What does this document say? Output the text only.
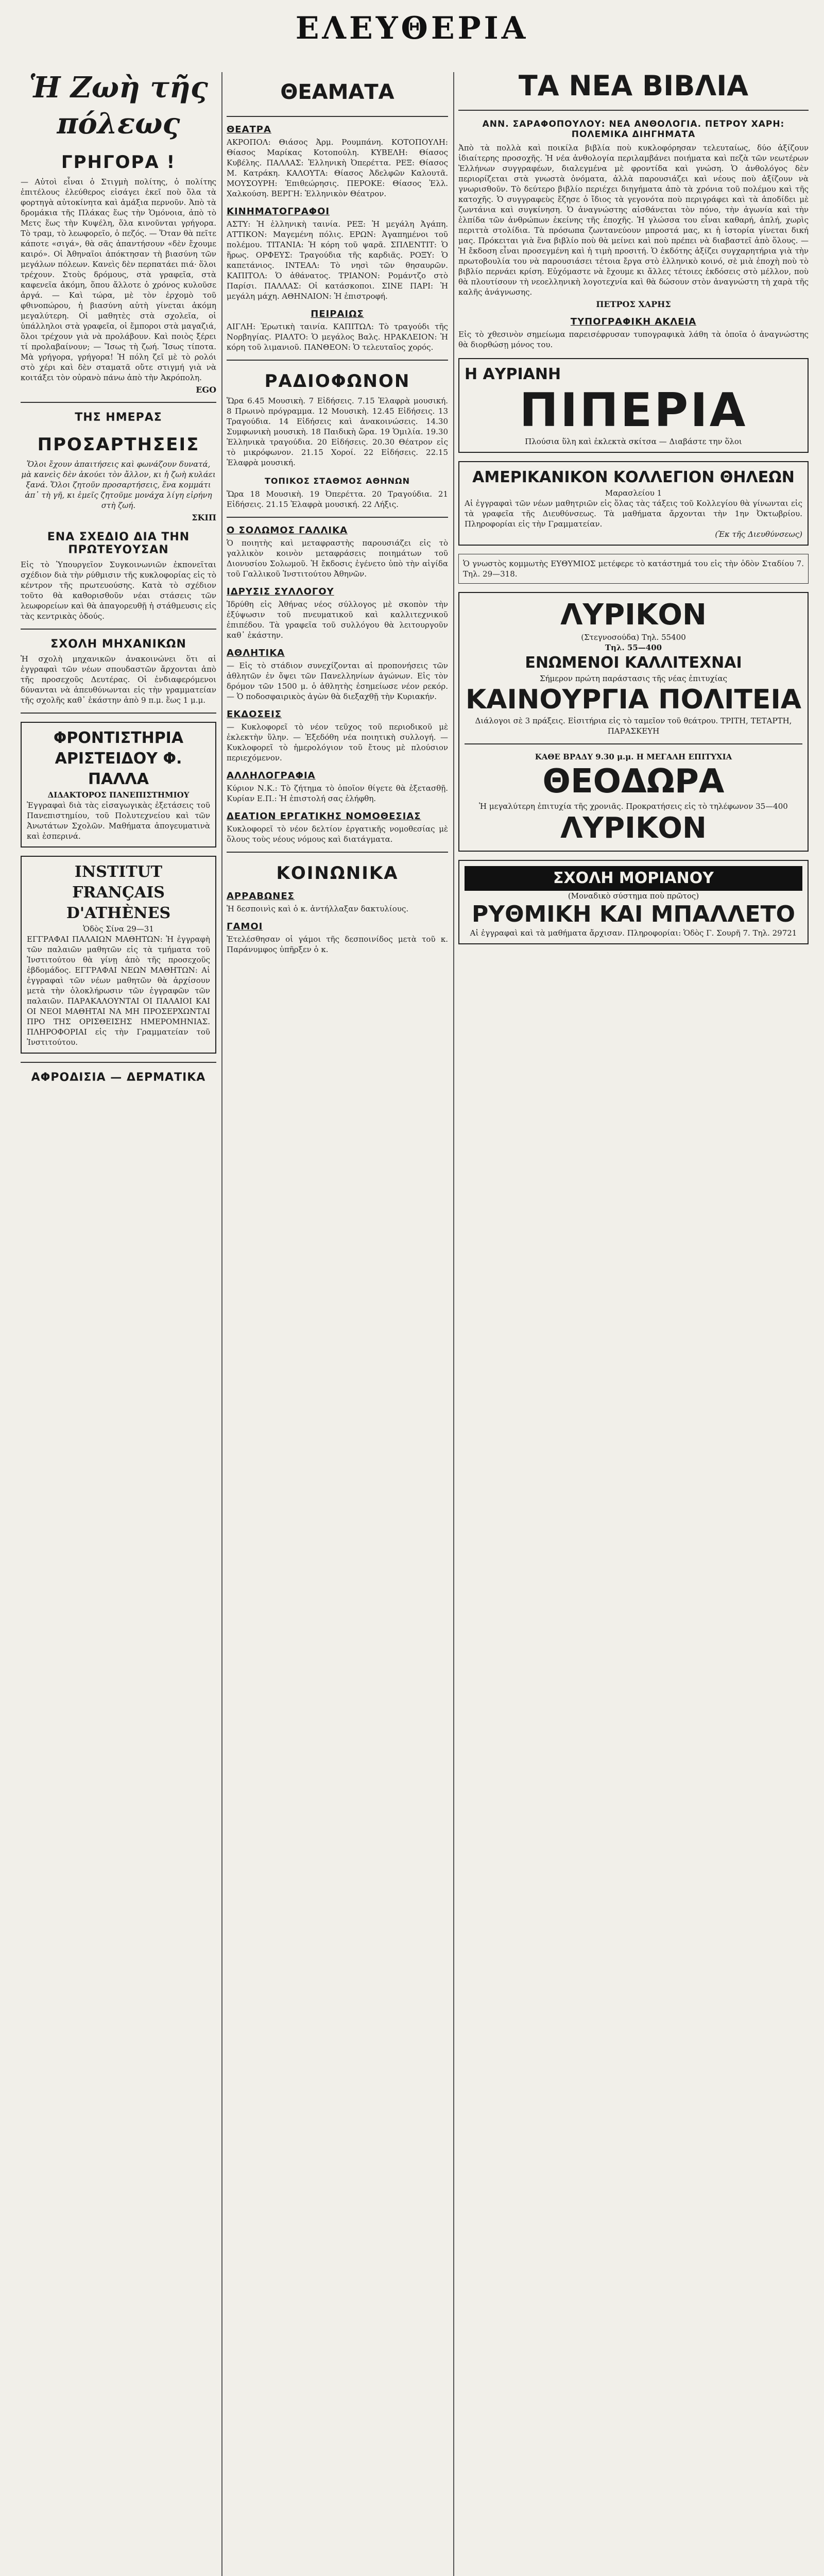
ΕΛΕΥΘΕΡΙΑ
Ἡ Ζωὴ τῆς πόλεως
ΓΡΗΓΟΡΑ !

— Αὐτοὶ εἶναι ὁ Στιγμὴ πολίτης, ὁ πολίτης ἐπιτέλους ἐλεύθερος εἰσάγει ἐκεῖ ποὺ ὅλα τὰ φορτηγὰ αὐτοκίνητα καὶ ἁμάξια περνοῦν. Ἀπὸ τὰ δρομάκια τῆς Πλάκας ἕως τὴν Ὁμόνοια, ἀπὸ τὸ Μετς ἕως τὴν Κυψέλη, ὅλα κινοῦνται γρήγορα. Τὸ τραμ, τὸ λεωφορεῖο, ὁ πεζός. — Ὅταν θὰ πεῖτε κάποτε «σιγά», θὰ σᾶς ἀπαντήσουν «δὲν ἔχουμε καιρό». Οἱ Ἀθηναῖοι ἀπόκτησαν τὴ βιασύνη τῶν μεγάλων πόλεων. Κανεὶς δὲν περπατάει πιά· ὅλοι τρέχουν. Στοὺς δρόμους, στὰ γραφεῖα, στὰ καφενεῖα ἀκόμη, ὅπου ἄλλοτε ὁ χρόνος κυλοῦσε ἀργά. — Καὶ τώρα, μὲ τὸν ἐρχομὸ τοῦ φθινοπώρου, ἡ βιασύνη αὐτὴ γίνεται ἀκόμη μεγαλύτερη. Οἱ μαθητὲς στὰ σχολεῖα, οἱ ὑπάλληλοι στὰ γραφεῖα, οἱ ἔμποροι στὰ μαγαζιά, ὅλοι τρέχουν γιὰ νὰ προλάβουν. Καὶ ποιὸς ξέρει τί προλαβαίνουν; — Ἴσως τὴ ζωή. Ἴσως τίποτα. Μὰ γρήγορα, γρήγορα! Ἡ πόλη ζεῖ μὲ τὸ ρολόι στὸ χέρι καὶ δὲν σταματᾶ οὔτε στιγμή γιὰ νὰ κοιτάξει τὸν οὐρανὸ πάνω ἀπὸ τὴν Ἀκρόπολη.

EGO
ΤΗΣ ΗΜΕΡΑΣ
ΠΡΟΣΑΡΤΗΣΕΙΣ

Ὅλοι ἔχουν ἀπαιτήσεις καὶ φωνάζουν δυνατά, μὰ κανεὶς δὲν ἀκούει τὸν ἄλλον, κι ἡ ζωὴ κυλάει ξανά. Ὅλοι ζητοῦν προσαρτήσεις, ἕνα κομμάτι ἀπ᾽ τὴ γῆ, κι ἐμεῖς ζητοῦμε μονάχα λίγη εἰρήνη στὴ ζωή.

ΣΚΙΠ
ΕΝΑ ΣΧΕΔΙΟ ΔΙΑ ΤΗΝ ΠΡΩΤΕΥΟΥΣΑΝ

Εἰς τὸ Ὑπουργεῖον Συγκοινωνιῶν ἐκπονεῖται σχέδιον διὰ τὴν ρύθμισιν τῆς κυκλοφορίας εἰς τὸ κέντρον τῆς πρωτευούσης. Κατὰ τὸ σχέδιον τοῦτο θὰ καθορισθοῦν νέαι στάσεις τῶν λεωφορείων καὶ θὰ ἀπαγορευθῇ ἡ στάθμευσις εἰς τὰς κεντρικὰς ὁδούς.

ΣΧΟΛΗ ΜΗΧΑΝΙΚΩΝ

Ἡ σχολὴ μηχανικῶν ἀνακοινώνει ὅτι αἱ ἐγγραφαὶ τῶν νέων σπουδαστῶν ἄρχονται ἀπὸ τῆς προσεχοῦς Δευτέρας. Οἱ ἐνδιαφερόμενοι δύνανται νὰ ἀπευθύνωνται εἰς τὴν γραμματείαν τῆς σχολῆς καθ᾽ ἑκάστην ἀπὸ 9 π.μ. ἕως 1 μ.μ.

ΦΡΟΝΤΙΣΤΗΡΙΑ ΑΡΙΣΤΕΙΔΟΥ Φ. ΠΑΛΛΑ
ΔΙΔΑΚΤΟΡΟΣ ΠΑΝΕΠΙΣΤΗΜΙΟΥ

Ἐγγραφαὶ διὰ τὰς εἰσαγωγικὰς ἐξετάσεις τοῦ Πανεπιστημίου, τοῦ Πολυτεχνείου καὶ τῶν Ἀνωτάτων Σχολῶν. Μαθήματα ἀπογευματινὰ καὶ ἑσπερινά.

INSTITUT FRANÇAIS D'ATHÈNES
Ὁδὸς Σίνα 29—31

ΕΓΓΡΑΦΑΙ ΠΑΛΑΙΩΝ ΜΑΘΗΤΩΝ: Ἡ ἐγγραφὴ τῶν παλαιῶν μαθητῶν εἰς τὰ τμήματα τοῦ Ἰνστιτούτου θὰ γίνῃ ἀπὸ τῆς προσεχοῦς ἑβδομάδος. ΕΓΓΡΑΦΑΙ ΝΕΩΝ ΜΑΘΗΤΩΝ: Αἱ ἐγγραφαὶ τῶν νέων μαθητῶν θὰ ἀρχίσουν μετὰ τὴν ὁλοκλήρωσιν τῶν ἐγγραφῶν τῶν παλαιῶν. ΠΑΡΑΚΑΛΟΥΝΤΑΙ ΟΙ ΠΑΛΑΙΟΙ ΚΑΙ ΟΙ ΝΕΟΙ ΜΑΘΗΤΑΙ ΝΑ ΜΗ ΠΡΟΣΕΡΧΩΝΤΑΙ ΠΡΟ ΤΗΣ ΟΡΙΣΘΕΙΣΗΣ ΗΜΕΡΟΜΗΝΙΑΣ. ΠΛΗΡΟΦΟΡΙΑΙ εἰς τὴν Γραμματείαν τοῦ Ἰνστιτούτου.

ΑΦΡΟΔΙΣΙΑ — ΔΕΡΜΑΤΙΚΑ
ΘΕΑΜΑΤΑ
ΘΕΑΤΡΑ

ΑΚΡΟΠΟΛ: Θιάσος Ἀρμ. Ρουμπάνη. ΚΟΤΟΠΟΥΛΗ: Θίασος Μαρίκας Κοτοπούλη. ΚΥΒΕΛΗ: Θίασος Κυβέλης. ΠΑΛΛΑΣ: Ἑλληνικὴ Ὀπερέττα. ΡΕΞ: Θίασος Μ. Κατράκη. ΚΑΛΟΥΤΑ: Θίασος Ἀδελφῶν Καλουτᾶ. ΜΟΥΣΟΥΡΗ: Ἐπιθεώρησις. ΠΕΡΟΚΕ: Θίασος Ἐλλ. Χαλκούση. ΒΕΡΓΗ: Ἑλληνικὸν Θέατρον.

ΚΙΝΗΜΑΤΟΓΡΑΦΟΙ

ΑΣΤΥ: Ἡ ἑλληνικὴ ταινία. ΡΕΞ: Ἡ μεγάλη Ἀγάπη. ΑΤΤΙΚΟΝ: Μαγεμένη πόλις. ΕΡΩΝ: Ἀγαπημένοι τοῦ πολέμου. ΤΙΤΑΝΙΑ: Ἡ κόρη τοῦ ψαρᾶ. ΣΠΛΕΝΤΙΤ: Ὁ ἥρως. ΟΡΦΕΥΣ: Τραγούδια τῆς καρδιᾶς. ΡΟΞΥ: Ὁ καπετάνιος. ΙΝΤΕΑΛ: Τὸ νησὶ τῶν θησαυρῶν. ΚΑΠΙΤΟΛ: Ὁ ἀθάνατος. ΤΡΙΑΝΟΝ: Ρομάντζο στὸ Παρίσι. ΠΑΛΛΑΣ: Οἱ κατάσκοποι. ΣΙΝΕ ΠΑΡΙ: Ἡ μεγάλη μάχη. ΑΘΗΝΑΙΟΝ: Ἡ ἐπιστροφή.

ΠΕΙΡΑΙΩΣ

ΑΙΓΛΗ: Ἐρωτικὴ ταινία. ΚΑΠΙΤΩΛ: Τὸ τραγούδι τῆς Νορβηγίας. ΡΙΑΛΤΟ: Ὁ μεγάλος Βαλς. ΗΡΑΚΛΕΙΟΝ: Ἡ κόρη τοῦ λιμανιοῦ. ΠΑΝΘΕΟΝ: Ὁ τελευταῖος χορός.

ΡΑΔΙΟΦΩΝΟΝ

Ὥρα 6.45 Μουσικὴ. 7 Εἰδήσεις. 7.15 Ἐλαφρὰ μουσική. 8 Πρωινὸ πρόγραμμα. 12 Μουσικὴ. 12.45 Εἰδήσεις. 13 Τραγούδια. 14 Εἰδήσεις καὶ ἀνακοινώσεις. 14.30 Συμφωνικὴ μουσικὴ. 18 Παιδικὴ ὥρα. 19 Ὁμιλία. 19.30 Ἐλληνικὰ τραγούδια. 20 Εἰδήσεις. 20.30 Θέατρον εἰς τὸ μικρόφωνον. 21.15 Χοροί. 22 Εἰδήσεις. 22.15 Ἐλαφρὰ μουσική.

ΤΟΠΙΚΟΣ ΣΤΑΘΜΟΣ ΑΘΗΝΩΝ

Ὥρα 18 Μουσικὴ. 19 Ὀπερέττα. 20 Τραγούδια. 21 Εἰδήσεις. 21.15 Ἐλαφρὰ μουσική. 22 Λήξις.

Ο ΣΟΛΩΜΟΣ ΓΑΛΛΙΚΑ

Ὁ ποιητὴς καὶ μεταφραστὴς παρουσιάζει εἰς τὸ γαλλικὸν κοινὸν μεταφράσεις ποιημάτων τοῦ Διονυσίου Σολωμοῦ. Ἡ ἔκδοσις ἐγένετο ὑπὸ τὴν αἰγίδα τοῦ Γαλλικοῦ Ἰνστιτούτου Ἀθηνῶν.

ΙΔΡΥΣΙΣ ΣΥΛΛΟΓΟΥ

Ἱδρύθη εἰς Ἀθήνας νέος σύλλογος μὲ σκοπὸν τὴν ἐξύψωσιν τοῦ πνευματικοῦ καὶ καλλιτεχνικοῦ ἐπιπέδου. Τὰ γραφεῖα τοῦ συλλόγου θὰ λειτουργοῦν καθ᾽ ἑκάστην.

ΑΘΛΗΤΙΚΑ

— Εἰς τὸ στάδιον συνεχίζονται αἱ προπονήσεις τῶν ἀθλητῶν ἐν ὄψει τῶν Πανελληνίων ἀγώνων. Εἰς τὸν δρόμον τῶν 1500 μ. ὁ ἀθλητὴς ἐσημείωσε νέον ρεκόρ. — Ὁ ποδοσφαιρικὸς ἀγὼν θὰ διεξαχθῇ τὴν Κυριακήν.

ΕΚΔΟΣΕΙΣ

— Κυκλοφορεῖ τὸ νέον τεῦχος τοῦ περιοδικοῦ μὲ ἐκλεκτὴν ὕλην. — Ἐξεδόθη νέα ποιητικὴ συλλογή. — Κυκλοφορεῖ τὸ ἡμερολόγιον τοῦ ἔτους μὲ πλούσιον περιεχόμενον.

ΑΛΛΗΛΟΓΡΑΦΙΑ

Κύριον Ν.Κ.: Τὸ ζήτημα τὸ ὁποῖον θίγετε θὰ ἐξετασθῇ. Κυρίαν Ε.Π.: Ἡ ἐπιστολή σας ἐλήφθη.

ΔΕΑΤΙΟΝ ΕΡΓΑΤΙΚΗΣ ΝΟΜΟΘΕΣΙΑΣ

Κυκλοφορεῖ τὸ νέον δελτίον ἐργατικῆς νομοθεσίας μὲ ὅλους τοὺς νέους νόμους καὶ διατάγματα.

ΚΟΙΝΩΝΙΚΑ
ΑΡΡΑΒΩΝΕΣ

Ἡ δεσποινὶς καὶ ὁ κ. ἀντήλλαξαν δακτυλίους.

ΓΑΜΟΙ

Ἐτελέσθησαν οἱ γάμοι τῆς δεσποινίδος μετὰ τοῦ κ. Παράνυμφος ὑπῆρξεν ὁ κ.

ΤΑ ΝΕΑ ΒΙΒΛΙΑ
ΑΝΝ. ΣΑΡΑΦΟΠΟΥΛΟΥ: ΝΕΑ ΑΝΘΟΛΟΓΙΑ. ΠΕΤΡΟΥ ΧΑΡΗ: ΠΟΛΕΜΙΚΑ ΔΙΗΓΗΜΑΤΑ

Ἀπὸ τὰ πολλὰ καὶ ποικίλα βιβλία ποὺ κυκλοφόρησαν τελευταίως, δύο ἀξίζουν ἰδιαίτερης προσοχῆς. Ἡ νέα ἀνθολογία περιλαμβάνει ποιήματα καὶ πεζὰ τῶν νεωτέρων Ἑλλήνων συγγραφέων, διαλεγμένα μὲ φροντίδα καὶ γνώση. Ὁ ἀνθολόγος δὲν περιορίζεται στὰ γνωστὰ ὀνόματα, ἀλλὰ παρουσιάζει καὶ νέους ποὺ ἀξίζουν νὰ γνωρισθοῦν. Τὸ δεύτερο βιβλίο περιέχει διηγήματα ἀπὸ τὰ χρόνια τοῦ πολέμου καὶ τῆς κατοχῆς. Ὁ συγγραφεὺς ἔζησε ὁ ἴδιος τὰ γεγονότα ποὺ περιγράφει καὶ τὰ ἀποδίδει μὲ ζωντάνια καὶ συγκίνηση. Ὁ ἀναγνώστης αἰσθάνεται τὸν πόνο, τὴν ἀγωνία καὶ τὴν ἐλπίδα τῶν ἀνθρώπων ἐκείνης τῆς ἐποχῆς. Ἡ γλώσσα του εἶναι καθαρή, ἁπλή, χωρὶς περιττὰ στολίδια. Τὰ πρόσωπα ζωντανεύουν μπροστά μας, κι ἡ ἱστορία γίνεται δική μας. Πρόκειται γιὰ ἕνα βιβλίο ποὺ θὰ μείνει καὶ ποὺ πρέπει νὰ διαβαστεῖ ἀπὸ ὅλους. — Ἡ ἔκδοση εἶναι προσεγμένη καὶ ἡ τιμὴ προσιτή. Ὁ ἐκδότης ἀξίζει συγχαρητήρια γιὰ τὴν πρωτοβουλία του νὰ παρουσιάσει τέτοια ἔργα στὸ ἑλληνικὸ κοινό, σὲ μιὰ ἐποχὴ ποὺ τὸ βιβλίο περνάει κρίση. Εὐχόμαστε νὰ ἔχουμε κι ἄλλες τέτοιες ἐκδόσεις στὸ μέλλον, ποὺ θὰ πλουτίσουν τὴ νεοελληνικὴ λογοτεχνία καὶ θὰ δώσουν στὸν ἀναγνώστη τὴ χαρὰ τῆς καλῆς ἀνάγνωσης.

ΠΕΤΡΟΣ ΧΑΡΗΣ
ΤΥΠΟΓΡΑΦΙΚΗ ΑΚΛΕΙΑ

Εἰς τὸ χθεσινὸν σημείωμα παρεισέφρυσαν τυπογραφικὰ λάθη τὰ ὁποῖα ὁ ἀναγνώστης θὰ διορθώσῃ μόνος του.

Η ΑΥΡΙΑΝΗ
ΠΙΠΕΡΙΑ
Πλούσια ὕλη καὶ ἐκλεκτὰ σκίτσα — Διαβάστε την ὅλοι
ΑΜΕΡΙΚΑΝΙΚΟΝ ΚΟΛΛΕΓΙΟΝ ΘΗΛΕΩΝ
Μαρασλείου 1

Αἱ ἐγγραφαὶ τῶν νέων μαθητριῶν εἰς ὅλας τὰς τάξεις τοῦ Κολλεγίου θὰ γίνωνται εἰς τὰ γραφεῖα τῆς Διευθύνσεως. Τὰ μαθήματα ἄρχονται τὴν 1ην Ὀκτωβρίου. Πληροφορίαι εἰς τὴν Γραμματείαν.

(Ἐκ τῆς Διευθύνσεως)

Ὁ γνωστὸς κομμωτὴς ΕΥΘΥΜΙΟΣ μετέφερε τὸ κατάστημά του εἰς τὴν ὁδὸν Σταδίου 7. Τηλ. 29—318.

ΛΥΡΙΚΟΝ
(Στεγνοσούδα) Τηλ. 55400
Τηλ. 55—400
ΕΝΩΜΕΝΟΙ ΚΑΛΛΙΤΕΧΝΑΙ
Σήμερον πρώτη παράστασις τῆς νέας ἐπιτυχίας
ΚΑΙΝΟΥΡΓΙΑ ΠΟΛΙΤΕΙΑ
Διάλογοι σὲ 3 πράξεις. Εἰσιτήρια εἰς τὸ ταμεῖον τοῦ θεάτρου. ΤΡΙΤΗ, ΤΕΤΑΡΤΗ, ΠΑΡΑΣΚΕΥΗ
ΚΑΘΕ ΒΡΑΔΥ 9.30 μ.μ. Η ΜΕΓΑΛΗ ΕΠΙΤΥΧΙΑ
ΘΕΟΔΩΡΑ
Ἡ μεγαλύτερη ἐπιτυχία τῆς χρονιᾶς. Προκρατήσεις εἰς τὸ τηλέφωνον 35—400
ΛΥΡΙΚΟΝ
ΣΧΟΛΗ ΜΟΡΙΑΝΟΥ
(Μοναδικὸ σύστημα ποὺ πρῶτος)
ΡΥΘΜΙΚΗ ΚΑΙ ΜΠΑΛΛΕΤΟ
Αἱ ἐγγραφαὶ καὶ τὰ μαθήματα ἄρχισαν. Πληροφορίαι: Ὁδὸς Γ. Σουρῆ 7. Τηλ. 29721
